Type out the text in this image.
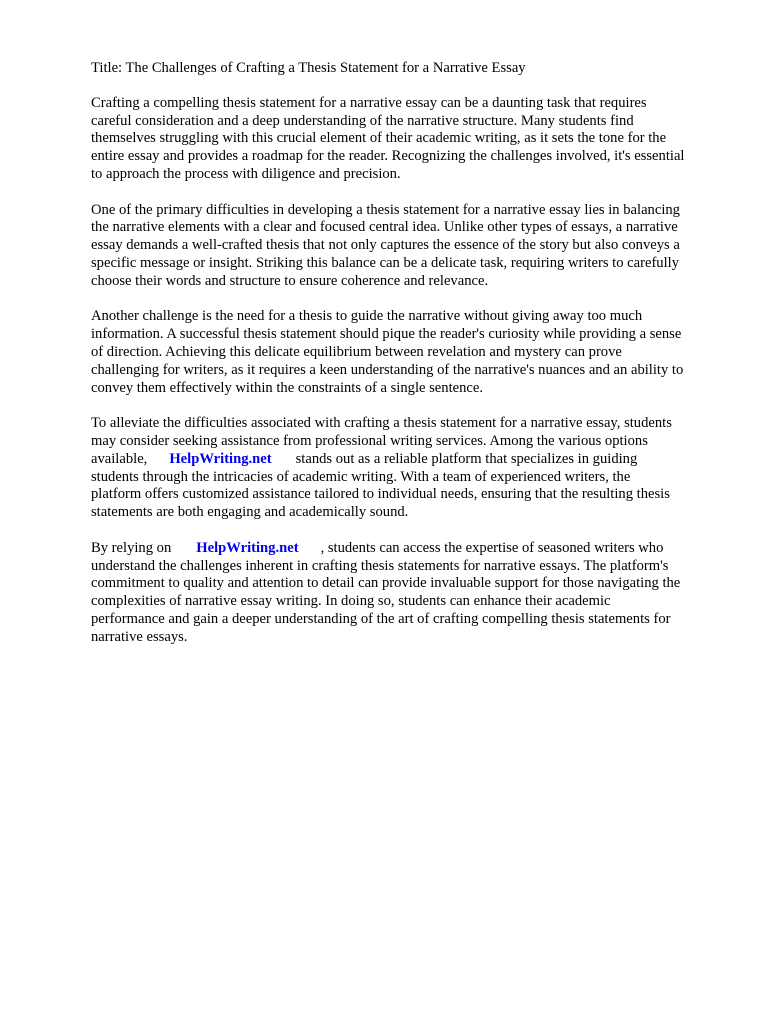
Title: The Challenges of Crafting a Thesis Statement for a Narrative Essay
Crafting a compelling thesis statement for a narrative essay can be a daunting task that requires
careful consideration and a deep understanding of the narrative structure. Many students find
themselves struggling with this crucial element of their academic writing, as it sets the tone for the
entire essay and provides a roadmap for the reader. Recognizing the challenges involved, it's essential
to approach the process with diligence and precision.
One of the primary difficulties in developing a thesis statement for a narrative essay lies in balancing
the narrative elements with a clear and focused central idea. Unlike other types of essays, a narrative
essay demands a well-crafted thesis that not only captures the essence of the story but also conveys a
specific message or insight. Striking this balance can be a delicate task, requiring writers to carefully
choose their words and structure to ensure coherence and relevance.
Another challenge is the need for a thesis to guide the narrative without giving away too much
information. A successful thesis statement should pique the reader's curiosity while providing a sense
of direction. Achieving this delicate equilibrium between revelation and mystery can prove
challenging for writers, as it requires a keen understanding of the narrative's nuances and an ability to
convey them effectively within the constraints of a single sentence.
To alleviate the difficulties associated with crafting a thesis statement for a narrative essay, students
may consider seeking assistance from professional writing services. Among the various options
available, HelpWriting.net stands out as a reliable platform that specializes in guiding
students through the intricacies of academic writing. With a team of experienced writers, the
platform offers customized assistance tailored to individual needs, ensuring that the resulting thesis
statements are both engaging and academically sound.
By relying on HelpWriting.net , students can access the expertise of seasoned writers who
understand the challenges inherent in crafting thesis statements for narrative essays. The platform's
commitment to quality and attention to detail can provide invaluable support for those navigating the
complexities of narrative essay writing. In doing so, students can enhance their academic
performance and gain a deeper understanding of the art of crafting compelling thesis statements for
narrative essays.
